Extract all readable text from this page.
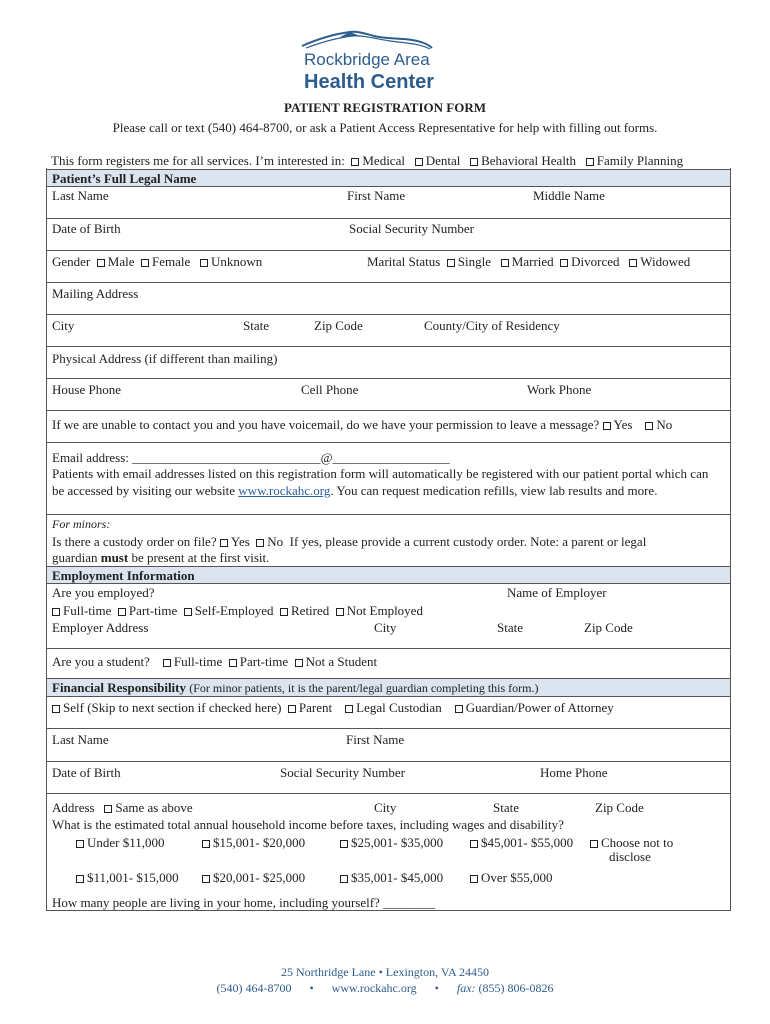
Rockbridge Area
Health Center
PATIENT REGISTRATION FORM
Please call or text (540) 464-8700, or ask a Patient Access Representative for help with filling out forms.
This form registers me for all services. I’m interested in: Medical Dental Behavioral Health Family Planning
Patient’s Full Legal Name
Last Name	First Name	Middle Name
Date of Birth	Social Security Number
Gender Male Female Unknown	Marital Status Single Married Divorced Widowed
Mailing Address
City	State	Zip Code	County/City of Residency
Physical Address (if different than mailing)
House Phone	Cell Phone	Work Phone
If we are unable to contact you and you have voicemail, do we have your permission to leave a message? Yes No
Email address: _____________________________@__________________
Patients with email addresses listed on this registration form will automatically be registered with our patient portal which can
be accessed by visiting our website www.rockahc.org. You can request medication refills, view lab results and more.
For minors:
Is there a custody order on file? Yes No If yes, please provide a current custody order. Note: a parent or legal
guardian must be present at the first visit.
Employment Information
Are you employed?	Name of Employer
Full-time Part-time Self-Employed Retired Not Employed
Employer Address	City	State	Zip Code
Are you a student? Full-time Part-time Not a Student
Financial Responsibility (For minor patients, it is the parent/legal guardian completing this form.)
Self (Skip to next section if checked here) Parent Legal Custodian Guardian/Power of Attorney
Last Name	First Name
Date of Birth	Social Security Number	Home Phone
Address Same as above	City	State	Zip Code
What is the estimated total annual household income before taxes, including wages and disability?
Under $11,000	$15,001- $20,000	$25,001- $35,000	$45,001- $55,000	Choose not to
disclose
$11,001- $15,000	$20,001- $25,000	$35,001- $45,000	Over $55,000
How many people are living in your home, including yourself? ________
25 Northridge Lane • Lexington, VA 24450
(540) 464-8700 • www.rockahc.org • fax: (855) 806-0826
